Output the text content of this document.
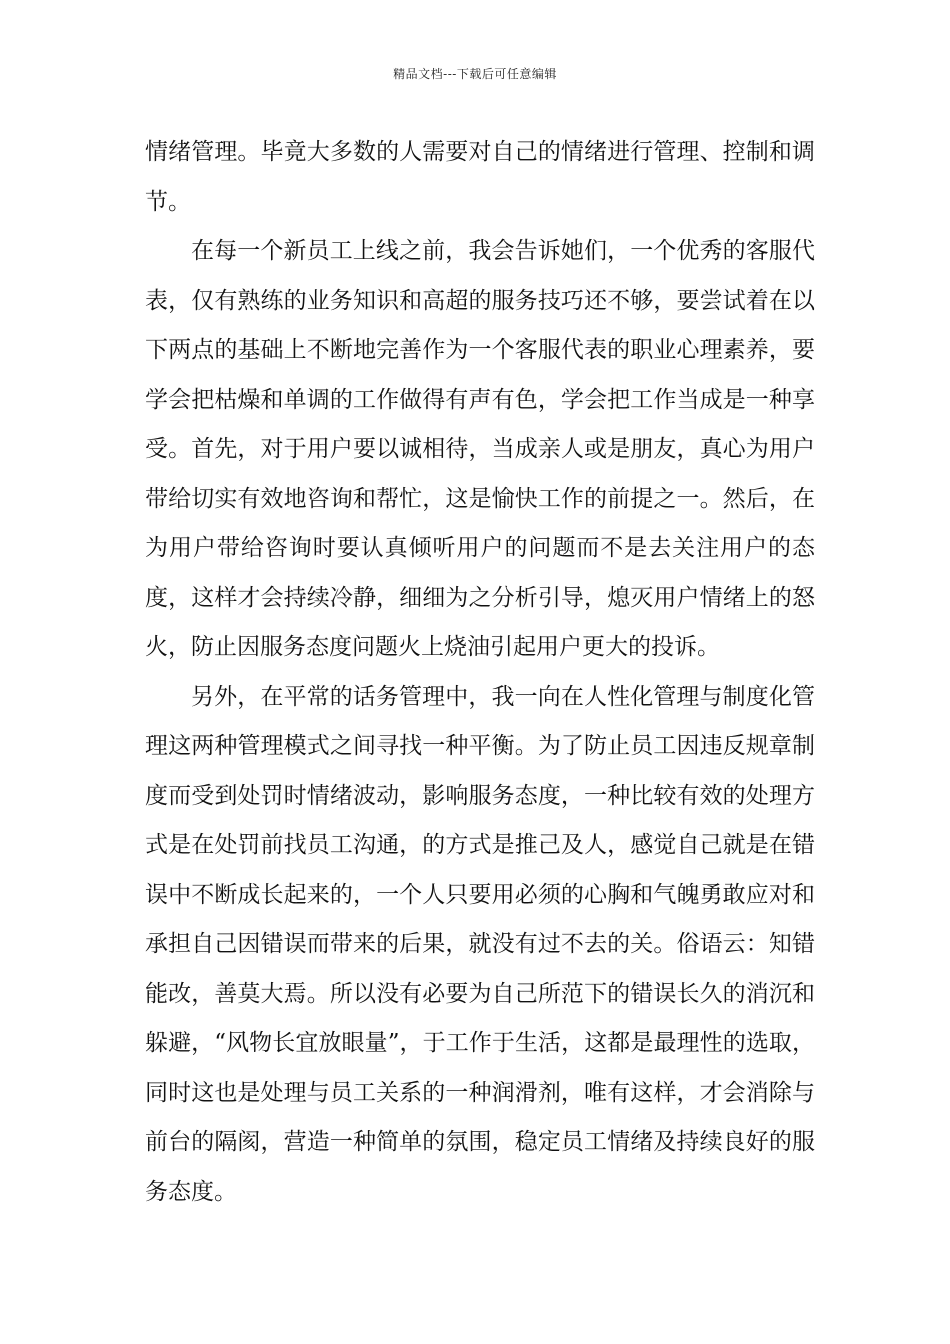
精品文档---下载后可任意编辑

情绪管理。毕竟大多数的人需要对自己的情绪进行管理、控制和调节。

在每一个新员工上线之前，我会告诉她们，一个优秀的客服代表，仅有熟练的业务知识和高超的服务技巧还不够，要尝试着在以下两点的基础上不断地完善作为一个客服代表的职业心理素养，要学会把枯燥和单调的工作做得有声有色，学会把工作当成是一种享受。首先，对于用户要以诚相待，当成亲人或是朋友，真心为用户带给切实有效地咨询和帮忙，这是愉快工作的前提之一。然后，在为用户带给咨询时要认真倾听用户的问题而不是去关注用户的态度，这样才会持续冷静，细细为之分析引导，熄灭用户情绪上的怒火，防止因服务态度问题火上烧油引起用户更大的投诉。

另外，在平常的话务管理中，我一向在人性化管理与制度化管理这两种管理模式之间寻找一种平衡。为了防止员工因违反规章制度而受到处罚时情绪波动，影响服务态度，一种比较有效的处理方式是在处罚前找员工沟通，的方式是推己及人，感觉自己就是在错误中不断成长起来的，一个人只要用必须的心胸和气魄勇敢应对和承担自己因错误而带来的后果，就没有过不去的关。俗语云：知错能改，善莫大焉。所以没有必要为自己所范下的错误长久的消沉和躲避，“风物长宜放眼量”，于工作于生活，这都是最理性的选取，同时这也是处理与员工关系的一种润滑剂，唯有这样，才会消除与前台的隔阂，营造一种简单的氛围，稳定员工情绪及持续良好的服务态度。
